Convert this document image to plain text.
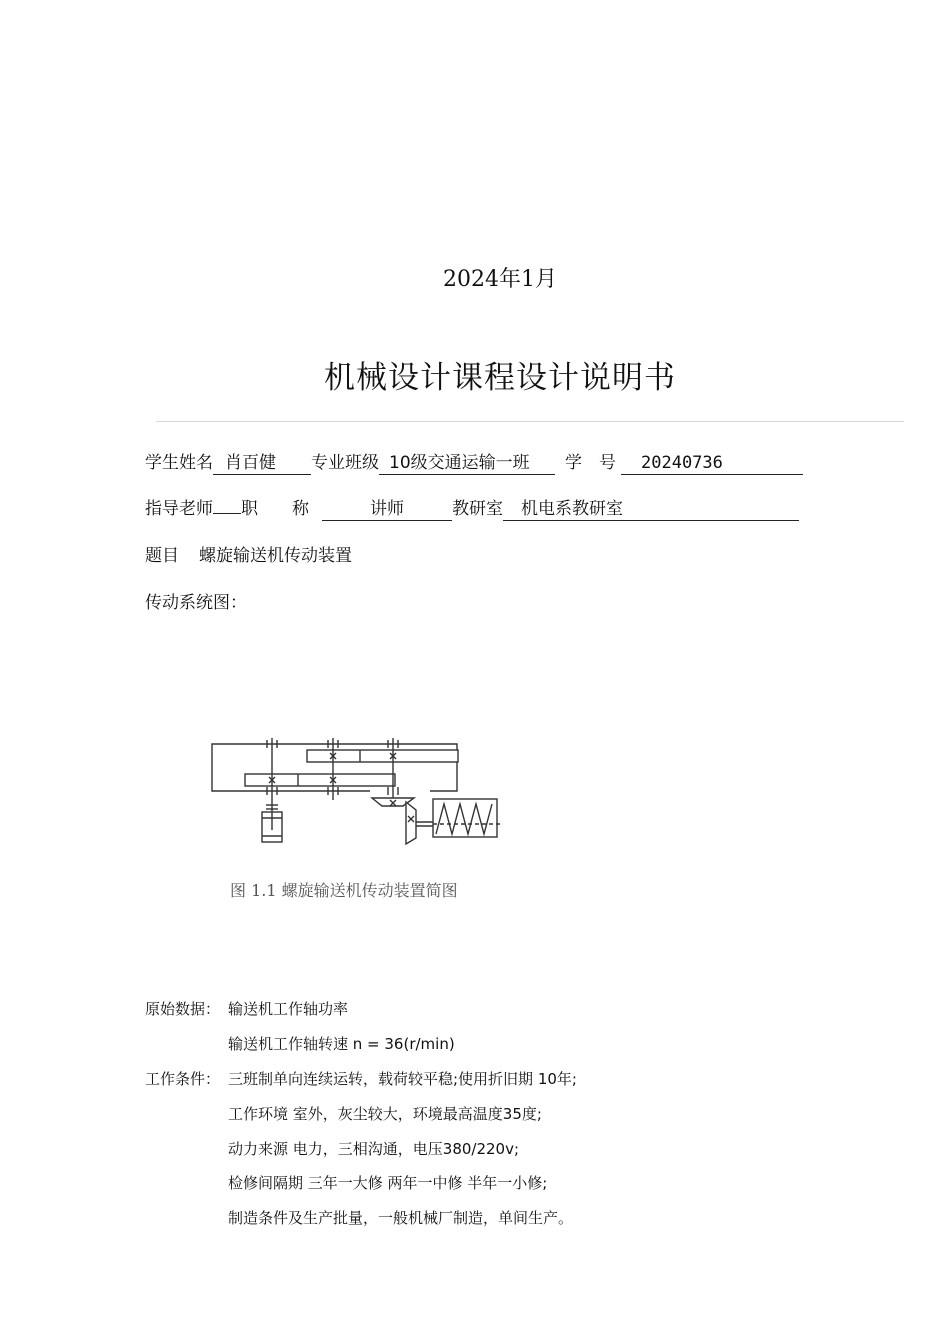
2024年1月
机械设计课程设计说明书
学生姓名 肖百健	专业班级 10级交通运输一班	学　号	20240736
指导老师 职　　称	讲师	教研室	机电系教研室
题目 螺旋输送机传动装置
传动系统图：
图 1.1 螺旋输送机传动装置简图
原始数据： 输送机工作轴功率
输送机工作轴转速 n = 36(r/min)
工作条件： 三班制单向连续运转，载荷较平稳;使用折旧期 10年;
工作环境 室外，灰尘较大，环境最高温度35度;
动力来源 电力，三相沟通，电压380/220v;
检修间隔期 三年一大修 两年一中修 半年一小修;
制造条件及生产批量，一般机械厂制造，单间生产。
